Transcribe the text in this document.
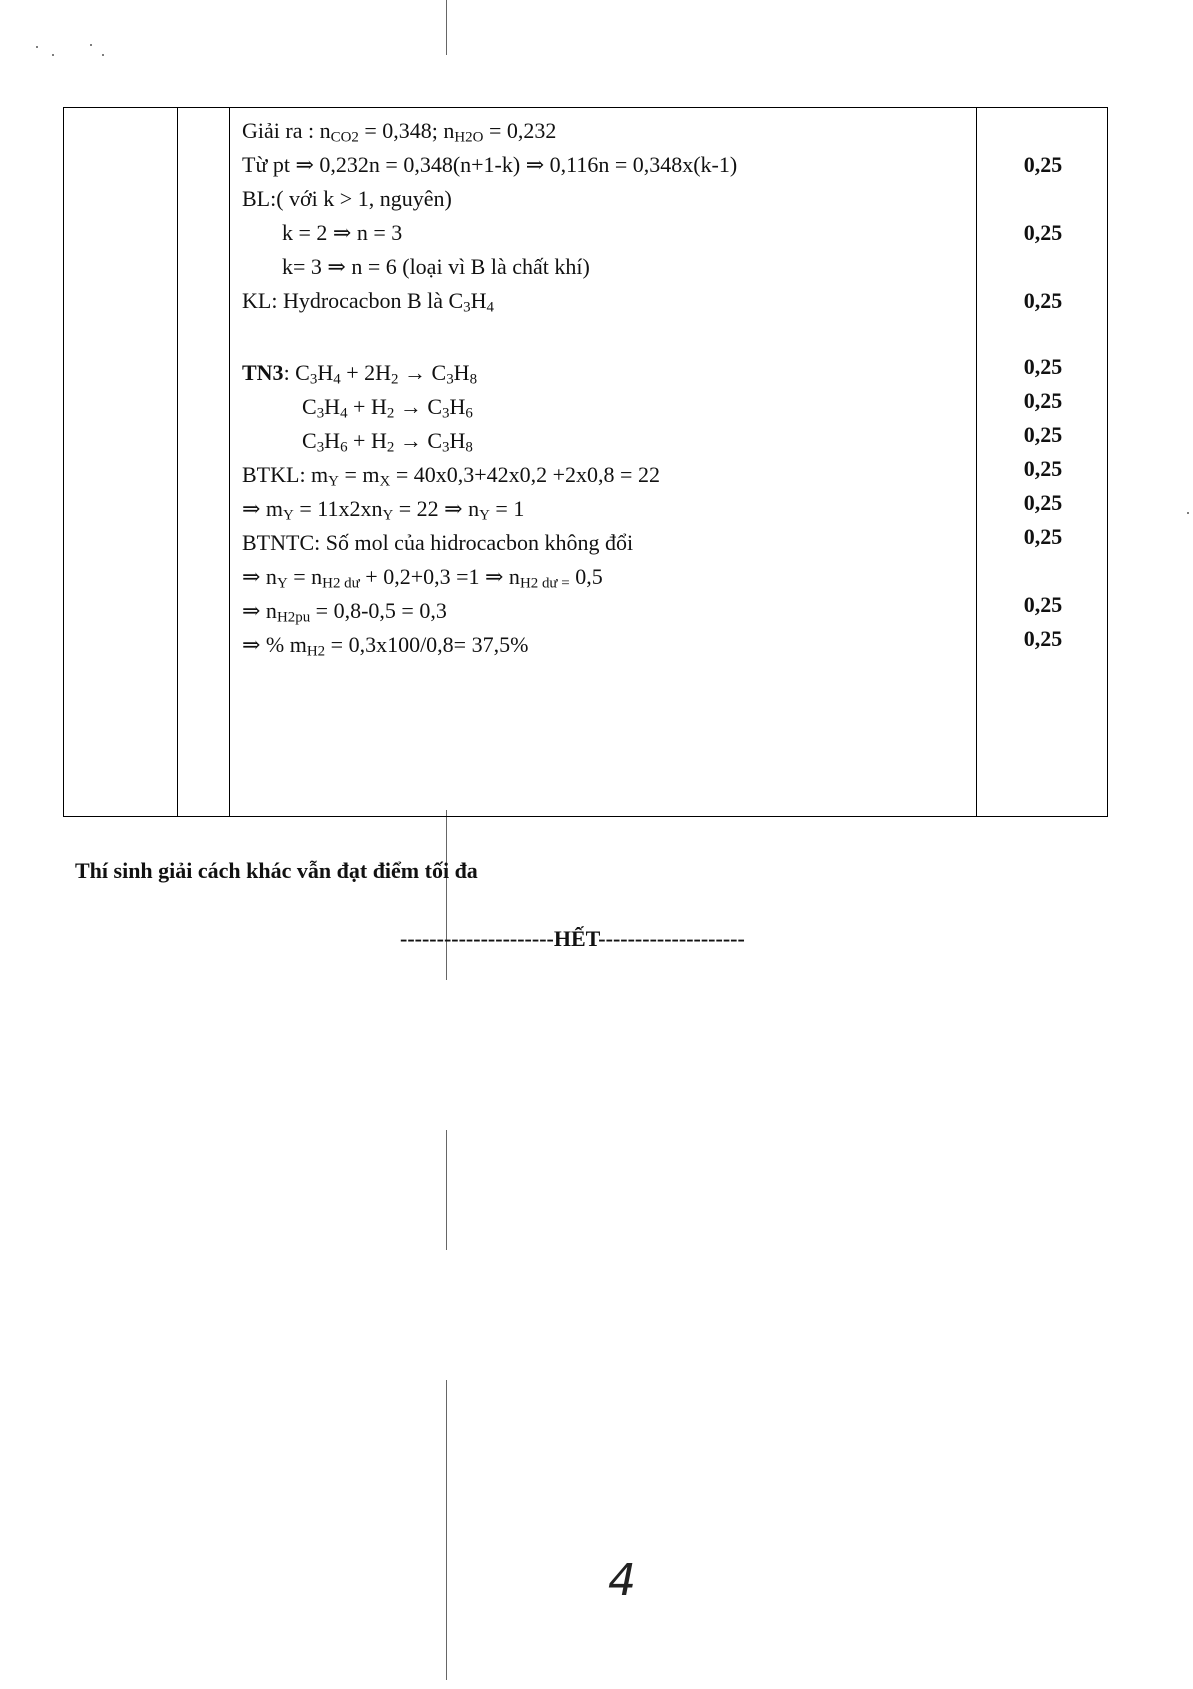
Giải ra : $n_{CO2} = 0,348$; $n_{H2O} = 0,232$
Từ pt ⇒ 0,232n = 0,348(n+1-k) ⇒ 0,116n = 0,348x(k-1)
BL:( với k > 1, nguyên)
k = 2 ⇒ n = 3
k= 3 ⇒ n = 6 (loại vì B là chất khí)
KL: Hydrocacbon B là $C_3H_4$
TN3: $C_3H_4 + 2H_2 \to C_3H_8$
$C_3H_4 + H_2 \to C_3H_6$
$C_3H_6 + H_2 \to C_3H_8$
BTKL: $m_Y = m_X = 40x0,3+42x0,2 +2x0,8 = 22$
⇒ $m_Y = 11x2xn_Y = 22$ ⇒ $n_Y = 1$
BTNTC: Số mol của hidrocacbon không đổi
⇒ $n_Y = n_{H2 dư} + 0,2+0,3 =1$ ⇒ $n_{H2 dư =}$ 0,5
⇒ $n_{H2pu} = 0,8-0,5 = 0,3$
⇒ % $m_{H2} = 0,3x100/0,8= 37,5\%$
0,25
0,25
0,25
0,25
0,25
0,25
0,25
0,25
0,25
0,25
0,25
Thí sinh giải cách khác vẫn đạt điểm tối đa
---------------------HẾT--------------------
4
